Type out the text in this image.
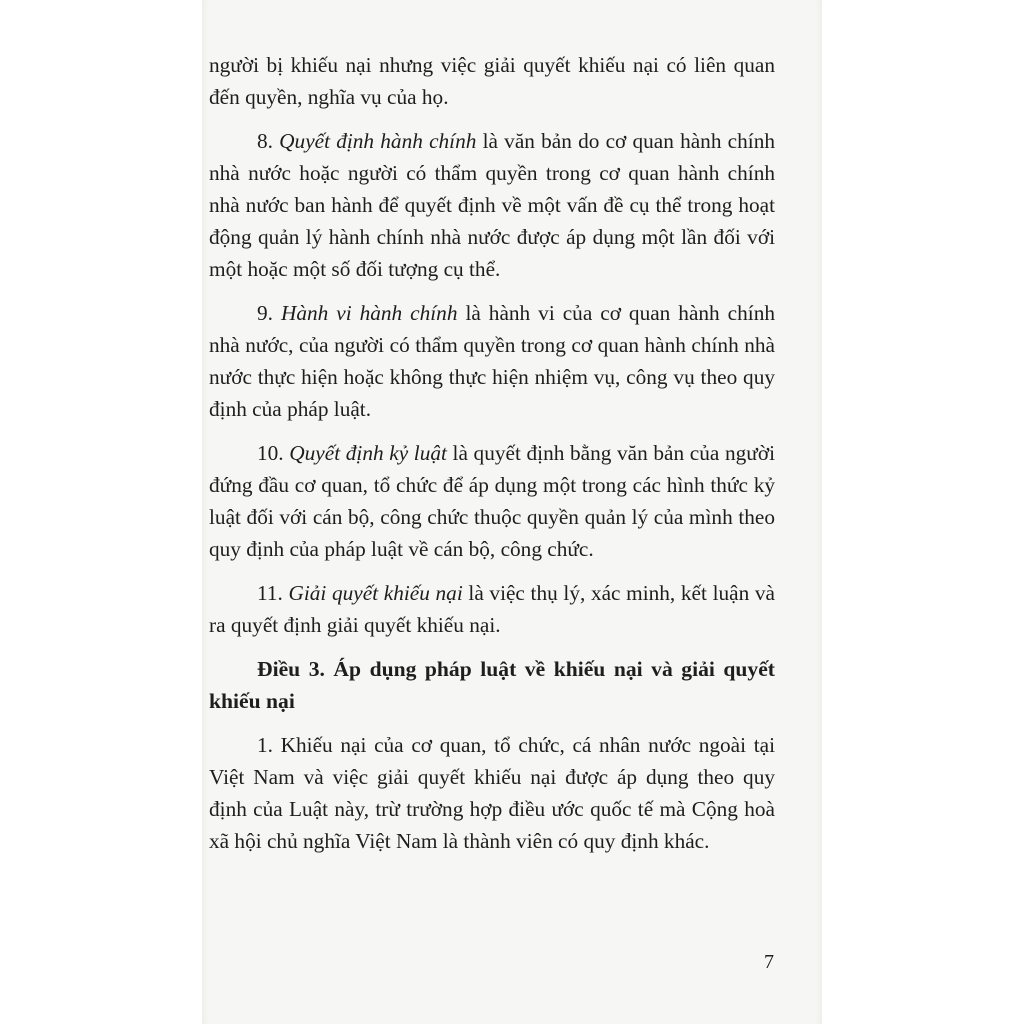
người bị khiếu nại nhưng việc giải quyết khiếu nại có liên quan đến quyền, nghĩa vụ của họ.

8. Quyết định hành chính là văn bản do cơ quan hành chính nhà nước hoặc người có thẩm quyền trong cơ quan hành chính nhà nước ban hành để quyết định về một vấn đề cụ thể trong hoạt động quản lý hành chính nhà nước được áp dụng một lần đối với một hoặc một số đối tượng cụ thể.

9. Hành vi hành chính là hành vi của cơ quan hành chính nhà nước, của người có thẩm quyền trong cơ quan hành chính nhà nước thực hiện hoặc không thực hiện nhiệm vụ, công vụ theo quy định của pháp luật.

10. Quyết định kỷ luật là quyết định bằng văn bản của người đứng đầu cơ quan, tổ chức để áp dụng một trong các hình thức kỷ luật đối với cán bộ, công chức thuộc quyền quản lý của mình theo quy định của pháp luật về cán bộ, công chức.

11. Giải quyết khiếu nại là việc thụ lý, xác minh, kết luận và ra quyết định giải quyết khiếu nại.

Điều 3. Áp dụng pháp luật về khiếu nại và giải quyết khiếu nại

1. Khiếu nại của cơ quan, tổ chức, cá nhân nước ngoài tại Việt Nam và việc giải quyết khiếu nại được áp dụng theo quy định của Luật này, trừ trường hợp điều ước quốc tế mà Cộng hoà xã hội chủ nghĩa Việt Nam là thành viên có quy định khác.

7
